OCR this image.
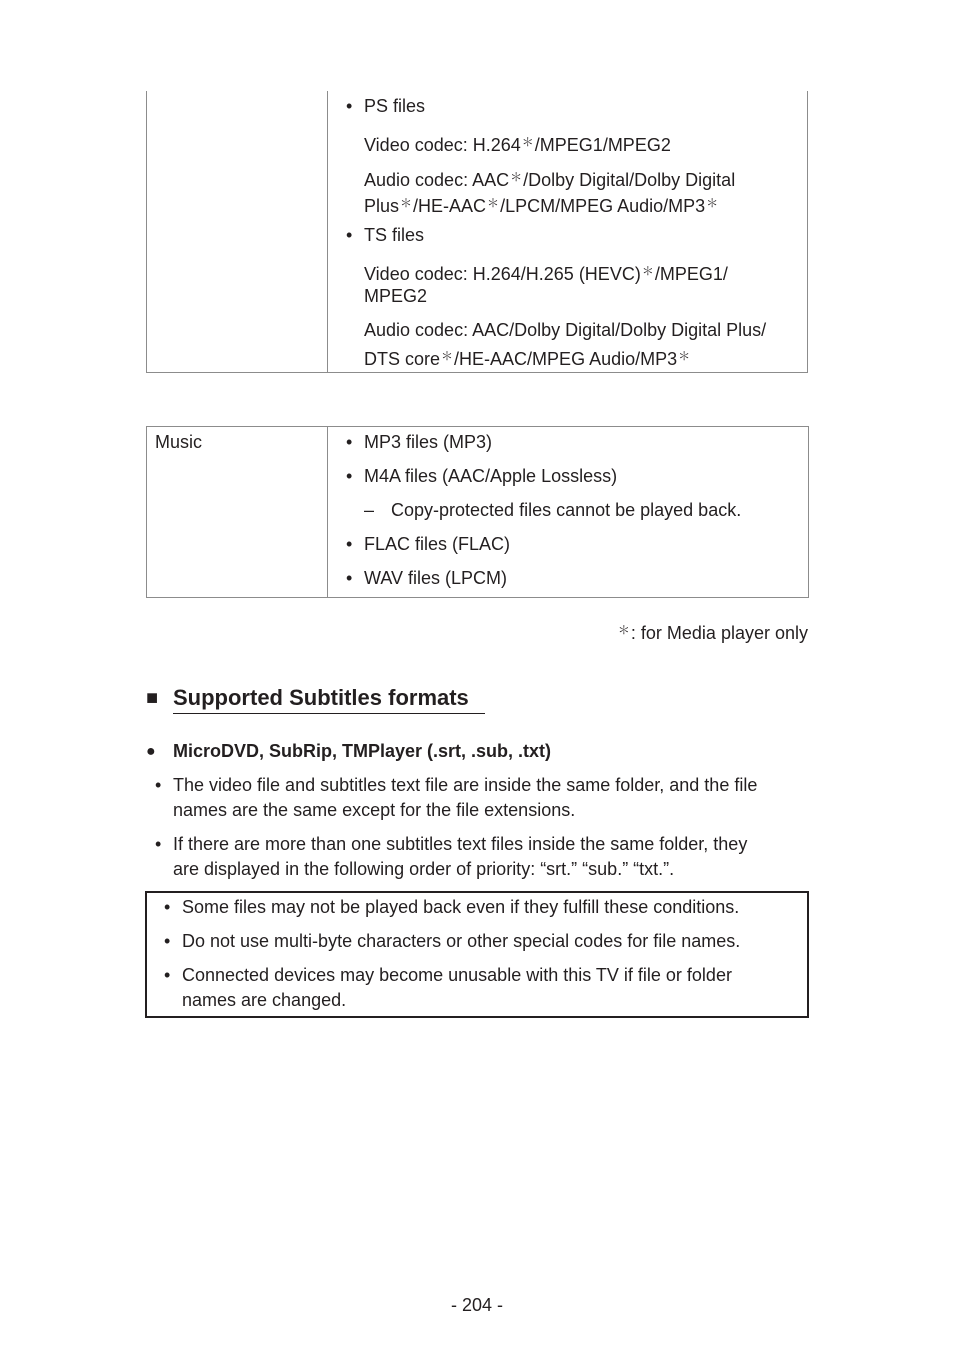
• PS files
Video codec: H.264＊/MPEG1/MPEG2
Audio codec: AAC＊/Dolby Digital/Dolby Digital
Plus＊/HE-AAC＊/LPCM/MPEG Audio/MP3＊
• TS files
Video codec: H.264/H.265 (HEVC)＊/MPEG1/
MPEG2
Audio codec: AAC/Dolby Digital/Dolby Digital Plus/
DTS core＊/HE-AAC/MPEG Audio/MP3＊
Music	• MP3 files (MP3)
• M4A files (AAC/Apple Lossless)
– Copy-protected files cannot be played back.
• FLAC files (FLAC)
• WAV files (LPCM)
＊: for Media player only
■ Supported Subtitles formats
● MicroDVD, SubRip, TMPlayer (.srt, .sub, .txt)
• The video file and subtitles text file are inside the same folder, and the file
names are the same except for the file extensions.
• If there are more than one subtitles text files inside the same folder, they
are displayed in the following order of priority: “srt.” “sub.” “txt.”.
• Some files may not be played back even if they fulfill these conditions.
• Do not use multi-byte characters or other special codes for file names.
• Connected devices may become unusable with this TV if file or folder
names are changed.
- 204 -
